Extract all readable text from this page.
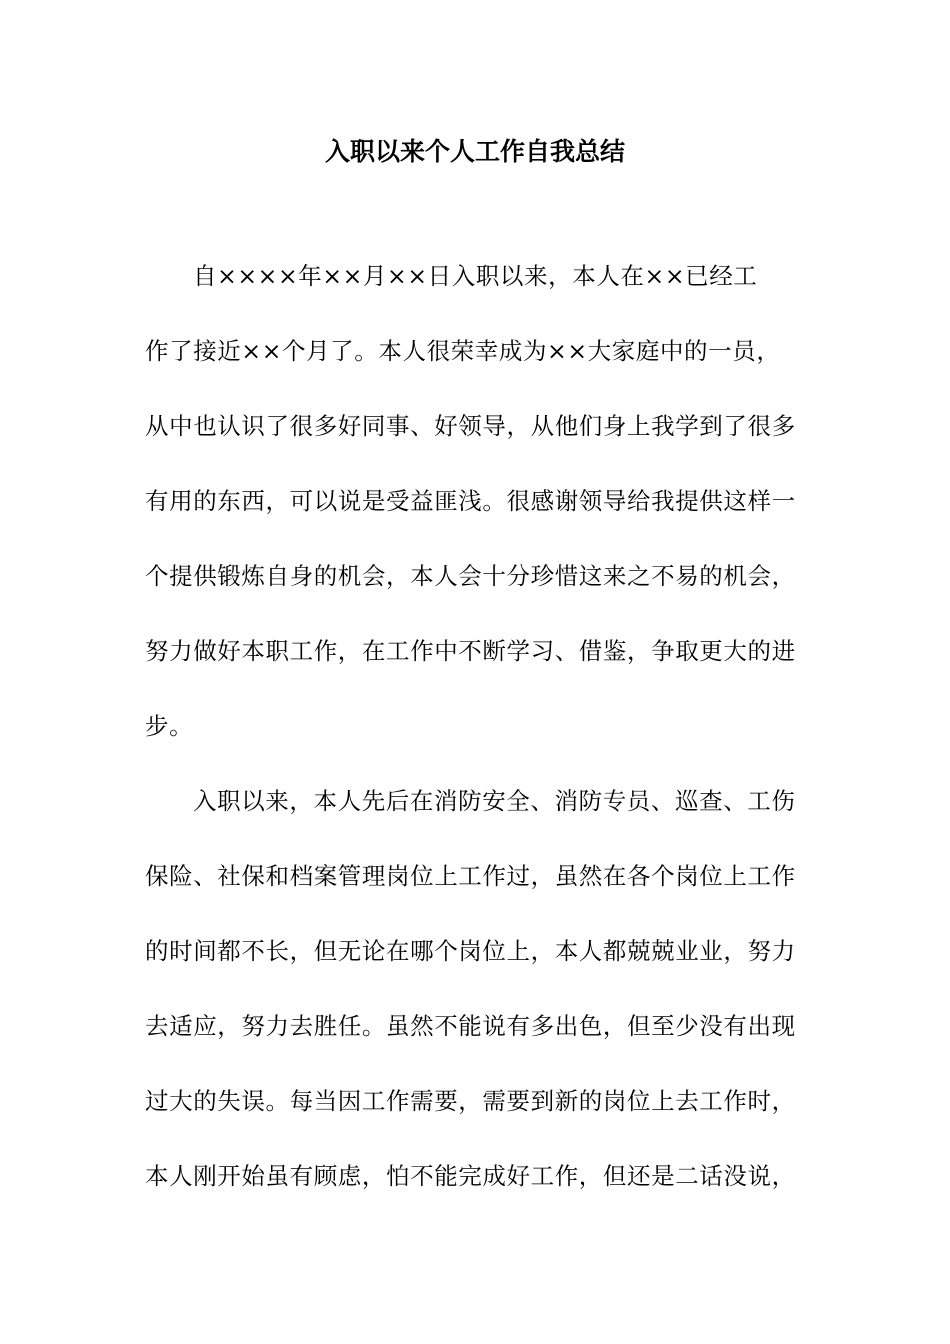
入职以来个人工作自我总结
自××××年××月××日入职以来，本人在××已经工
作了接近××个月了。本人很荣幸成为××大家庭中的一员，
从中也认识了很多好同事、好领导，从他们身上我学到了很多
有用的东西，可以说是受益匪浅。很感谢领导给我提供这样一
个提供锻炼自身的机会，本人会十分珍惜这来之不易的机会，
努力做好本职工作，在工作中不断学习、借鉴，争取更大的进
步。
入职以来，本人先后在消防安全、消防专员、巡查、工伤
保险、社保和档案管理岗位上工作过，虽然在各个岗位上工作
的时间都不长，但无论在哪个岗位上，本人都兢兢业业，努力
去适应，努力去胜任。虽然不能说有多出色，但至少没有出现
过大的失误。每当因工作需要，需要到新的岗位上去工作时，
本人刚开始虽有顾虑，怕不能完成好工作，但还是二话没说，
